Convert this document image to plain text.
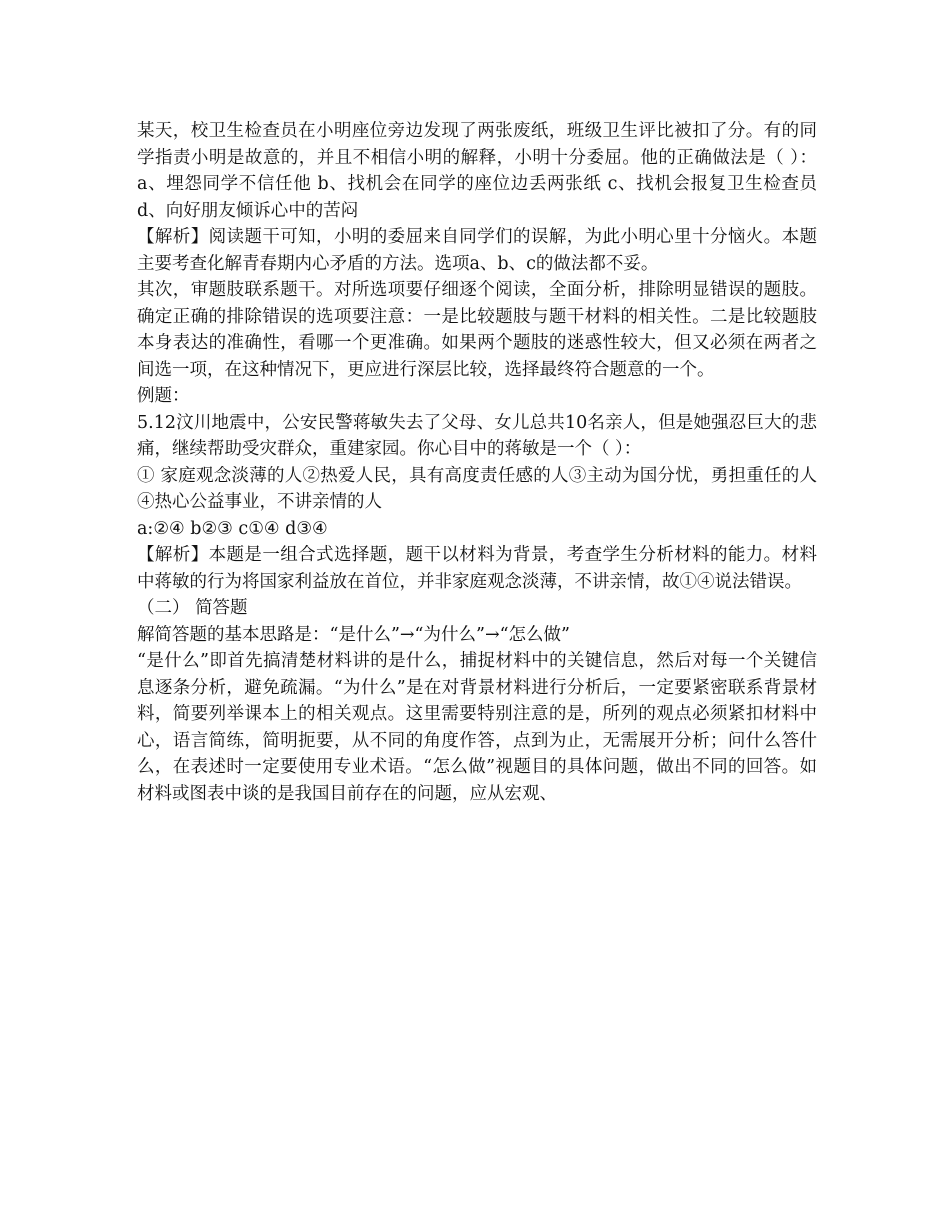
某天，校卫生检查员在小明座位旁边发现了两张废纸，班级卫生评比被扣了分。有的同学指责小明是故意的，并且不相信小明的解释，小明十分委屈。他的正确做法是（ ）：a、埋怨同学不信任他 b、找机会在同学的座位边丢两张纸 c、找机会报复卫生检查员 d、向好朋友倾诉心中的苦闷

【解析】阅读题干可知，小明的委屈来自同学们的误解，为此小明心里十分恼火。本题主要考查化解青春期内心矛盾的方法。选项a、b、c的做法都不妥。

其次，审题肢联系题干。对所选项要仔细逐个阅读，全面分析，排除明显错误的题肢。确定正确的排除错误的选项要注意：一是比较题肢与题干材料的相关性。二是比较题肢本身表达的准确性，看哪一个更准确。如果两个题肢的迷惑性较大，但又必须在两者之间选一项，在这种情况下，更应进行深层比较，选择最终符合题意的一个。

例题：

5.12汶川地震中，公安民警蒋敏失去了父母、女儿总共10名亲人，但是她强忍巨大的悲痛，继续帮助受灾群众，重建家园。你心目中的蒋敏是一个（ ）：

① 家庭观念淡薄的人②热爱人民，具有高度责任感的人③主动为国分忧，勇担重任的人 ④热心公益事业，不讲亲情的人

a:②④ b②③ c①④ d③④

【解析】本题是一组合式选择题，题干以材料为背景，考查学生分析材料的能力。材料中蒋敏的行为将国家利益放在首位，并非家庭观念淡薄，不讲亲情，故①④说法错误。

（二） 简答题

解简答题的基本思路是：“是什么”→“为什么”→“怎么做”

“是什么”即首先搞清楚材料讲的是什么，捕捉材料中的关键信息，然后对每一个关键信息逐条分析，避免疏漏。“为什么”是在对背景材料进行分析后，一定要紧密联系背景材料，简要列举课本上的相关观点。这里需要特别注意的是，所列的观点必须紧扣材料中心，语言简练，简明扼要，从不同的角度作答，点到为止，无需展开分析；问什么答什么，在表述时一定要使用专业术语。“怎么做”视题目的具体问题，做出不同的回答。如材料或图表中谈的是我国目前存在的问题，应从宏观、
